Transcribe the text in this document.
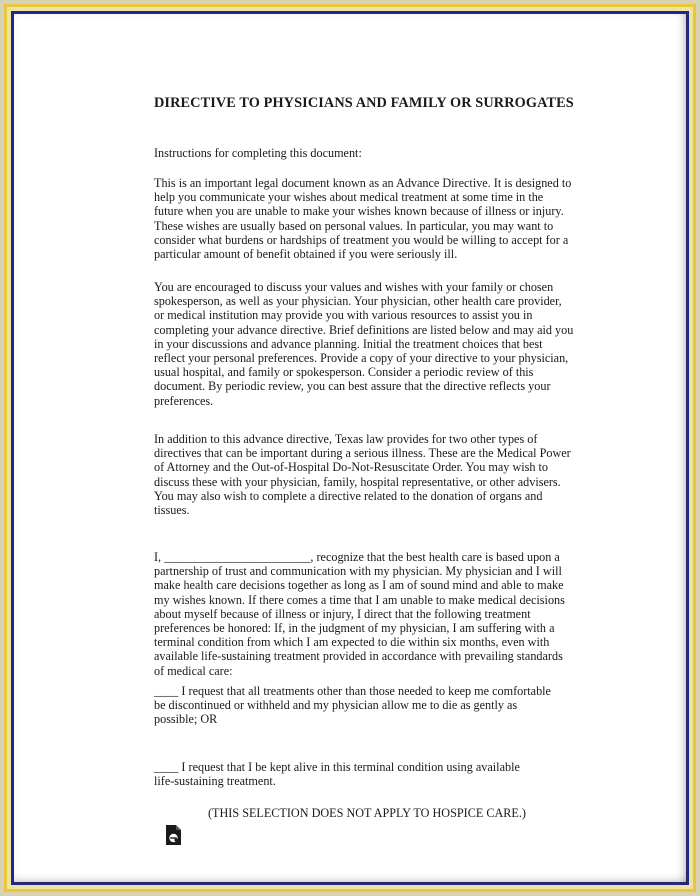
DIRECTIVE TO PHYSICIANS AND FAMILY OR SURROGATES

Instructions for completing this document:

This is an important legal document known as an Advance Directive. It is designed to
help you communicate your wishes about medical treatment at some time in the
future when you are unable to make your wishes known because of illness or injury.
These wishes are usually based on personal values. In particular, you may want to
consider what burdens or hardships of treatment you would be willing to accept for a
particular amount of benefit obtained if you were seriously ill.

You are encouraged to discuss your values and wishes with your family or chosen
spokesperson, as well as your physician. Your physician, other health care provider,
or medical institution may provide you with various resources to assist you in
completing your advance directive. Brief definitions are listed below and may aid you
in your discussions and advance planning. Initial the treatment choices that best
reflect your personal preferences. Provide a copy of your directive to your physician,
usual hospital, and family or spokesperson. Consider a periodic review of this
document. By periodic review, you can best assure that the directive reflects your
preferences.

In addition to this advance directive, Texas law provides for two other types of
directives that can be important during a serious illness. These are the Medical Power
of Attorney and the Out-of-Hospital Do-Not-Resuscitate Order. You may wish to
discuss these with your physician, family, hospital representative, or other advisers.
You may also wish to complete a directive related to the donation of organs and
tissues.

I, ________________________, recognize that the best health care is based upon a
partnership of trust and communication with my physician. My physician and I will
make health care decisions together as long as I am of sound mind and able to make
my wishes known. If there comes a time that I am unable to make medical decisions
about myself because of illness or injury, I direct that the following treatment
preferences be honored: If, in the judgment of my physician, I am suffering with a
terminal condition from which I am expected to die within six months, even with
available life-sustaining treatment provided in accordance with prevailing standards
of medical care:

____ I request that all treatments other than those needed to keep me comfortable
be discontinued or withheld and my physician allow me to die as gently as
possible; OR

____ I request that I be kept alive in this terminal condition using available
life-sustaining treatment.

(THIS SELECTION DOES NOT APPLY TO HOSPICE CARE.)
